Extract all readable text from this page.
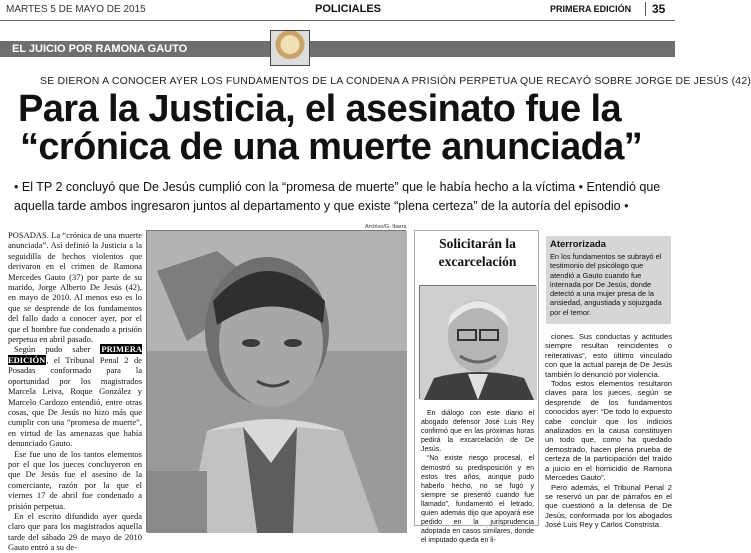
MARTES 5 DE MAYO DE 2015	POLICIALES	PRIMERA EDICIÓN	35
EL JUICIO POR RAMONA GAUTO
SE DIERON A CONOCER AYER LOS FUNDAMENTOS DE LA CONDENA A PRISIÓN PERPETUA QUE RECAYÓ SOBRE JORGE DE JESÚS (42)
Para la Justicia, el asesinato fue la
“crónica de una muerte anunciada”
• El TP 2 concluyó que De Jesús cumplió con la “promesa de muerte” que le había hecho a la víctima • Entendió que aquella tarde ambos ingresaron juntos al departamento y que existe “plena certeza” de la autoría del episodio •

POSADAS. La “crónica de una muerte anunciada”. Así definió la Justicia a la seguidilla de hechos violentos que derivaron en el crimen de Ramona Mercedes Gauto (37) por parte de su marido, Jorge Alberto De Jesús (42), en mayo de 2010. Al menos eso es lo que se desprende de los fundamentos del fallo dado a conocer ayer, por el que el hombre fue condenado a prisión perpetua en abril pasado.

Según pudo saber PRIMERA EDICIÓN, el Tribunal Penal 2 de Posadas conformado para la oportunidad por los magistrados Marcela Leiva, Roque González y Marcelo Cardozo entendió, entre otras cosas, que De Jesús no hizo más que cumplir con una “promesa de muerte”, en virtud de las amenazas que había denunciado Gauto.

Ese fue uno de los tantos elementos por el que los jueces concluyeron en que De Jesús fue el asesino de la comerciante, razón por la que el viernes 17 de abril fue condenado a prisión perpetua.

En el escrito difundido ayer queda claro que para los magistrados aquella tarde del sábado 29 de mayo de 2010 Gauto entró a su de-

Archivo/G. Ibarra
Solicitarán la excarcelación

En diálogo con este diario el abogado defensor José Luis Rey confirmó que en las próximas horas pedirá la excarcelación de De Jesús.

“No existe riesgo procesal, el demostró su predisposición y en estos tres años, aunque pudo haberlo hecho, no se fugó y siempre se presentó cuando fue llamado”, fundamentó el letrado, quien además dijo que apoyará ese pedido en la jurisprudencia adoptada en casos similares, donde el imputado queda en li-

Aterrorizada

En los fundamentos se subrayó el testimonio del psicólogo que atendió a Gauto cuando fue internada por De Jesús, donde detectó a una mujer presa de la ansiedad, angustiada y sojuzgada por el temor.

ciones. Sus conductas y actitudes siempre resultan reincidentes o reiterativas”, esto último vinculado con que la actual pareja de De Jesús también lo denunció por violencia.

Todos estos elementos resultaron claves para los jueces, según se desprende de los fundamentos conocidos ayer: “De todo lo expuesto cabe concluir que los indicios analizados en la causa constituyen un todo que, como ha quedado demostrado, hacen plena prueba de certeza de la participación del traído a juicio en el homicidio de Ramona Mercedes Gauto”.

Pero además, el Tribunal Penal 2 se reservó un par de párrafos en el que cuestionó a la defensa de De Jesús, conformada por los abogados José Luis Rey y Carlos Constrista.
